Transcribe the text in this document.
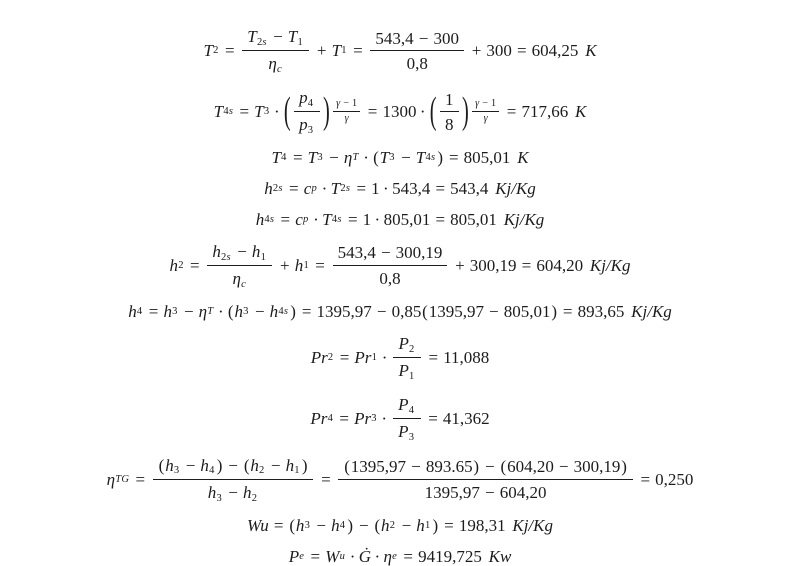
T $2 = \frac{T2s - T1}{\eta c} + T$ $1 = \frac{543,4 - 300}{0,8} + 300 = 604,25$ K
T 4s = T 3 · ( $\frac{p4}{p3}$ ) $\frac{\gamma - 1}{\gamma} = 1300$ · ( $\frac{1}{8}$ ) $\frac{\gamma - 1}{\gamma} = 717,66$ K
T 4 = T 3 − η T · ( T 3 − T 4s ) = 805,01 K
h 2s = c p · T 2s = 1 · 543,4 = 543,4 Kj/Kg
h 4s = c p · T 4s = 1 · 805,01 = 805,01 Kj/Kg
h $2 = \frac{h2s - h1}{\eta c} + h$ $1 = \frac{543,4 - 300,19}{0,8} + 300,19 = 604,20$ Kj/Kg
h 4 = h 3 − η T · ( h 3 − h 4s ) = 1395,97 − 0,85 ( 1395,97 − 805,01 ) = 893,65 Kj/Kg
Pr 2 = Pr $1 \cdot \frac{P2}{P1} = 11,088$
Pr 4 = Pr $3 \cdot \frac{P4}{P3} = 41,362$
η TG = $\frac{(h3 - h4 ) - (h2 - h1 )}{h3 - h2} = \frac{(1395,97 - 893.65) - (604,20 - 300,19)}{1395,97 - 604,20} = 0,250$
Wu = ( h 3 − h 4 ) − ( h 2 − h 1 ) = 198,31 Kj/Kg
P e = W u · Ġ · η e = 9419,725 Kw
